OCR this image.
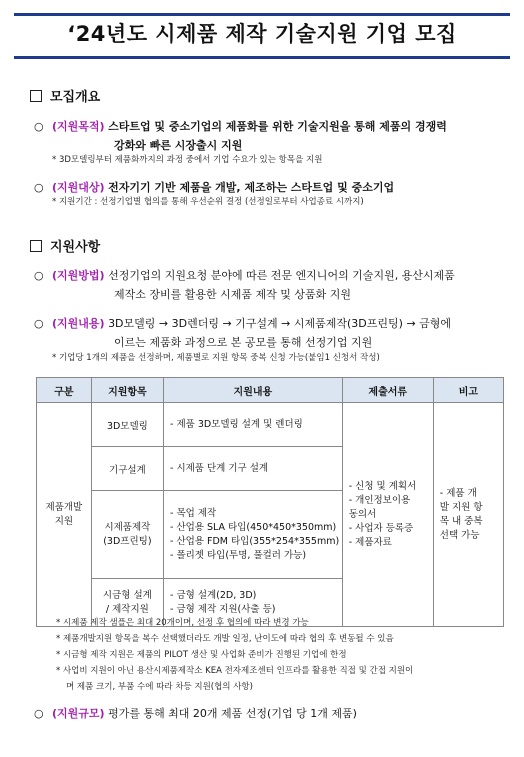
‘24년도 시제품 제작 기술지원 기업 모집
모집개요
○ (지원목적) 스타트업 및 중소기업의 제품화를 위한 기술지원을 통해 제품의 경쟁력
강화와 빠른 시장출시 지원
* 3D모델링부터 제품화까지의 과정 중에서 기업 수요가 있는 항목을 지원
○ (지원대상) 전자기기 기반 제품을 개발, 제조하는 스타트업 및 중소기업
* 지원기간 : 선정기업별 협의를 통해 우선순위 결정 (선정일로부터 사업종료 시까지)
지원사항
○ (지원방법) 선정기업의 지원요청 분야에 따른 전문 엔지니어의 기술지원, 용산시제품
제작소 장비를 활용한 시제품 제작 및 상품화 지원
○ (지원내용) 3D모델링 → 3D렌더링 → 기구설계 → 시제품제작(3D프린팅) → 금형에
이르는 제품화 과정으로 본 공모를 통해 선정기업 지원
* 기업당 1개의 제품을 선정하며, 제품별로 지원 항목 중복 신청 가능(붙임1 신청서 작성)
구분	지원항목	지원내용	제출서류	비고
제품개발
지원	3D모델링	- 제품 3D모델링 설계 및 렌더링	- 신청 및 계획서
- 개인정보이용
동의서
- 사업자 등록증
- 제품자료	- 제품 개
발 지원 항
목 내 중복
선택 가능
	기구설계	- 시제품 단계 기구 설계		
	시제품제작
(3D프린팅)	- 목업 제작
- 산업용 SLA 타입(450*450*350mm)
- 산업용 FDM 타입(355*254*355mm)
- 폴리젯 타입(투명, 풀컬러 가능)		
	시금형 설계
/ 제작지원	- 금형 설계(2D, 3D)
- 금형 제작 지원(사출 등)		
* 시제품 제작 샘플은 최대 20개이며, 선정 후 협의에 따라 변경 가능
* 제품개발지원 항목을 복수 선택했더라도 개발 일정, 난이도에 따라 협의 후 변동될 수 있음
* 시금형 제작 지원은 제품의 PILOT 생산 및 사업화 준비가 진행된 기업에 한정
* 사업비 지원이 아닌 용산시제품제작소 KEA 전자제조센터 인프라를 활용한 직접 및 간접 지원이
며 제품 크기, 부품 수에 따라 차등 지원(협의 사항)
○ (지원규모) 평가를 통해 최대 20개 제품 선정(기업 당 1개 제품)
